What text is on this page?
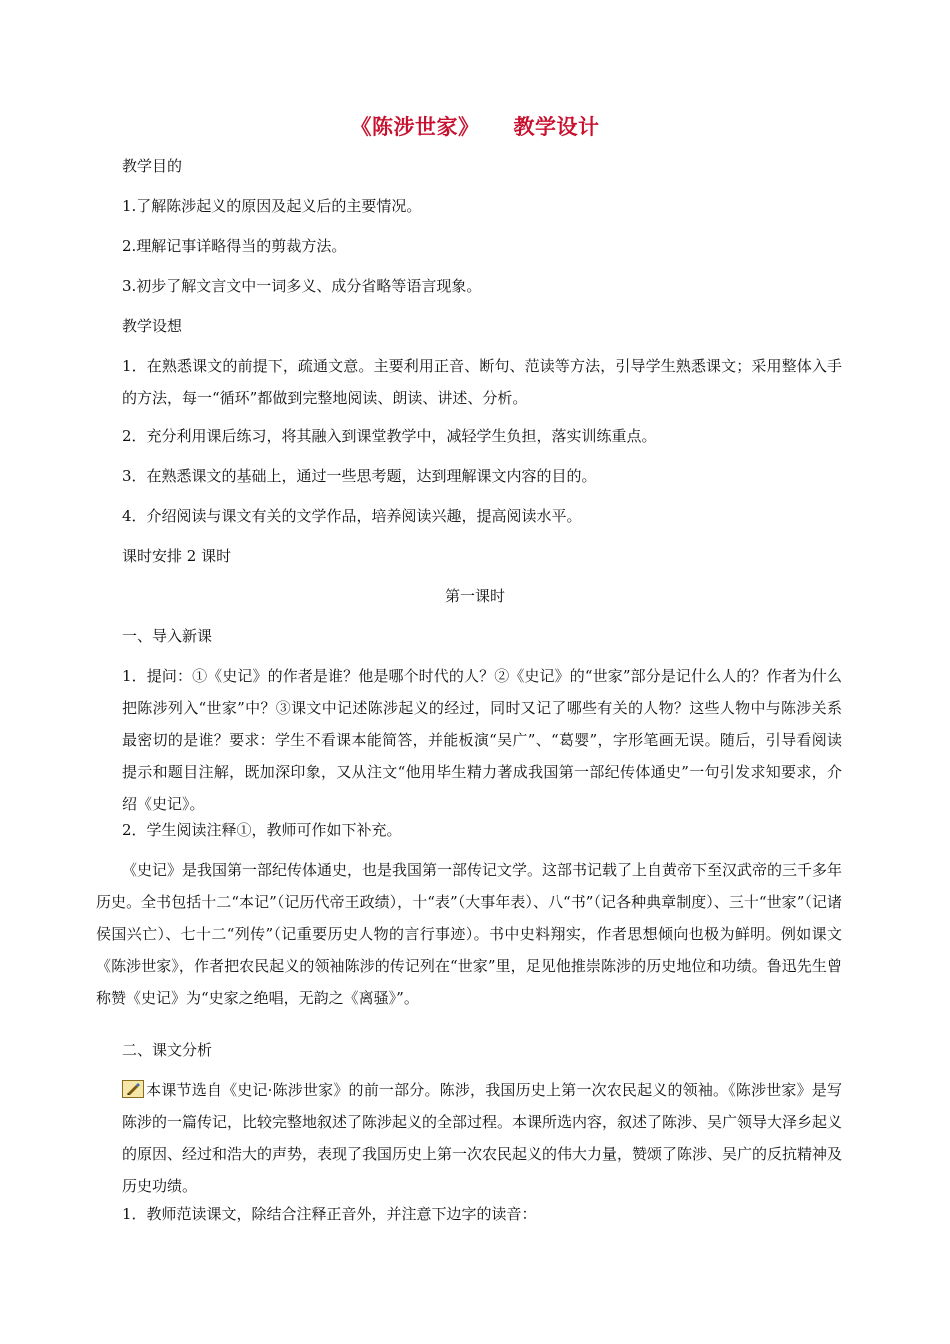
《陈涉世家》 教学设计
教学目的
1.了解陈涉起义的原因及起义后的主要情况。
2.理解记事详略得当的剪裁方法。
3.初步了解文言文中一词多义、成分省略等语言现象。
教学设想
1．在熟悉课文的前提下，疏通文意。主要利用正音、断句、范读等方法，引导学生熟悉课文；采用整体入手的方法，每一“循环”都做到完整地阅读、朗读、讲述、分析。
2．充分利用课后练习，将其融入到课堂教学中，减轻学生负担，落实训练重点。
3．在熟悉课文的基础上，通过一些思考题，达到理解课文内容的目的。
4．介绍阅读与课文有关的文学作品，培养阅读兴趣，提高阅读水平。
课时安排 2 课时
第一课时
一、导入新课
1．提问：①《史记》的作者是谁？他是哪个时代的人？②《史记》的“世家”部分是记什么人的？作者为什么把陈涉列入“世家”中？③课文中记述陈涉起义的经过，同时又记了哪些有关的人物？这些人物中与陈涉关系最密切的是谁？要求：学生不看课本能简答，并能板演“吴广”、“葛婴”，字形笔画无误。随后，引导看阅读提示和题目注解，既加深印象，又从注文“他用毕生精力著成我国第一部纪传体通史”一句引发求知要求，介绍《史记》。
2．学生阅读注释①，教师可作如下补充。
《史记》是我国第一部纪传体通史，也是我国第一部传记文学。这部书记载了上自黄帝下至汉武帝的三千多年历史。全书包括十二“本记”（记历代帝王政绩），十“表”（大事年表）、八“书”（记各种典章制度）、三十“世家”（记诸侯国兴亡）、七十二“列传”（记重要历史人物的言行事迹）。书中史料翔实，作者思想倾向也极为鲜明。例如课文《陈涉世家》，作者把农民起义的领袖陈涉的传记列在“世家”里，足见他推崇陈涉的历史地位和功绩。鲁迅先生曾称赞《史记》为“史家之绝唱，无韵之《离骚》”。
二、课文分析
本课节选自《史记·陈涉世家》的前一部分。陈涉，我国历史上第一次农民起义的领袖。《陈涉世家》是写陈涉的一篇传记，比较完整地叙述了陈涉起义的全部过程。本课所选内容，叙述了陈涉、吴广领导大泽乡起义的原因、经过和浩大的声势，表现了我国历史上第一次农民起义的伟大力量，赞颂了陈涉、吴广的反抗精神及历史功绩。
1．教师范读课文，除结合注释正音外，并注意下边字的读音：
